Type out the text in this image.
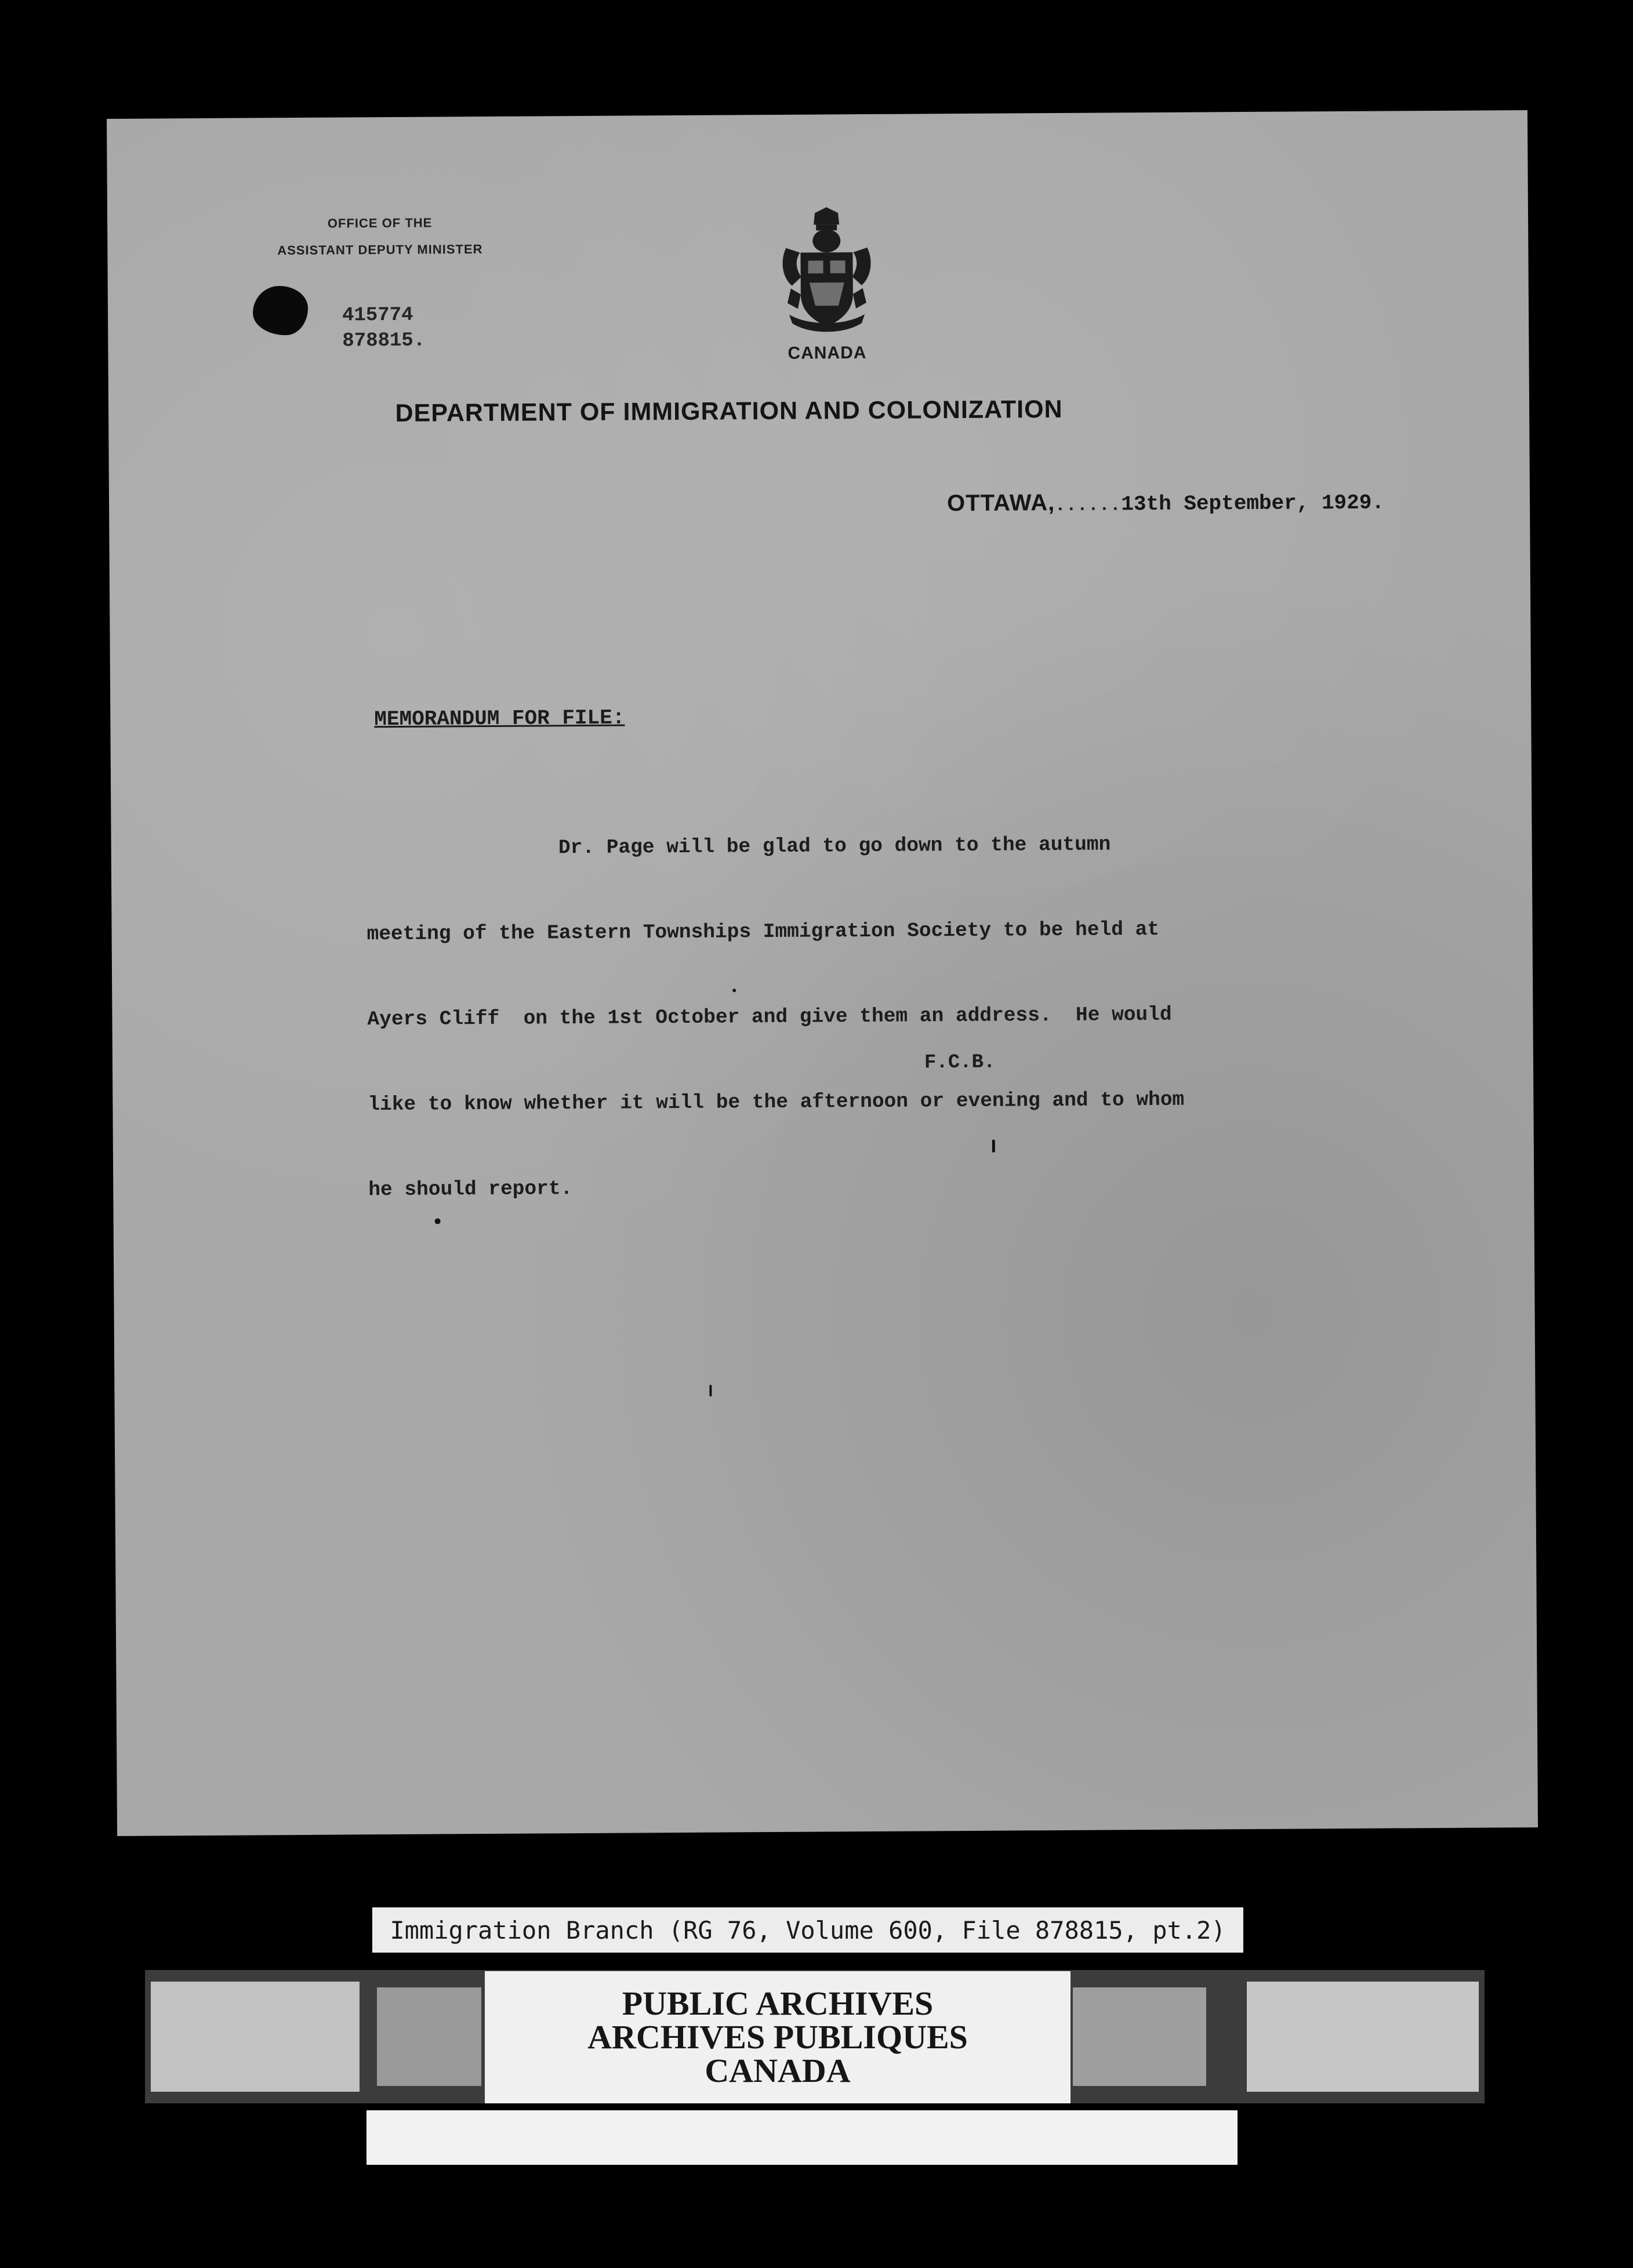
OFFICE OF THE
ASSISTANT DEPUTY MINISTER
415774
878815.
CANADA
DEPARTMENT OF IMMIGRATION AND COLONIZATION
OTTAWA,......13th September, 1929.
MEMORANDUM FOR FILE:

Dr. Page will be glad to go down to the autumn

meeting of the Eastern Townships Immigration Society to be held at

Ayers Cliff  on the 1st October and give them an address.  He would

like to know whether it will be the afternoon or evening and to whom

he should report.

F.C.B.
Immigration Branch (RG 76, Volume 600, File 878815, pt.2)
PUBLIC ARCHIVES
ARCHIVES PUBLIQUES
CANADA
